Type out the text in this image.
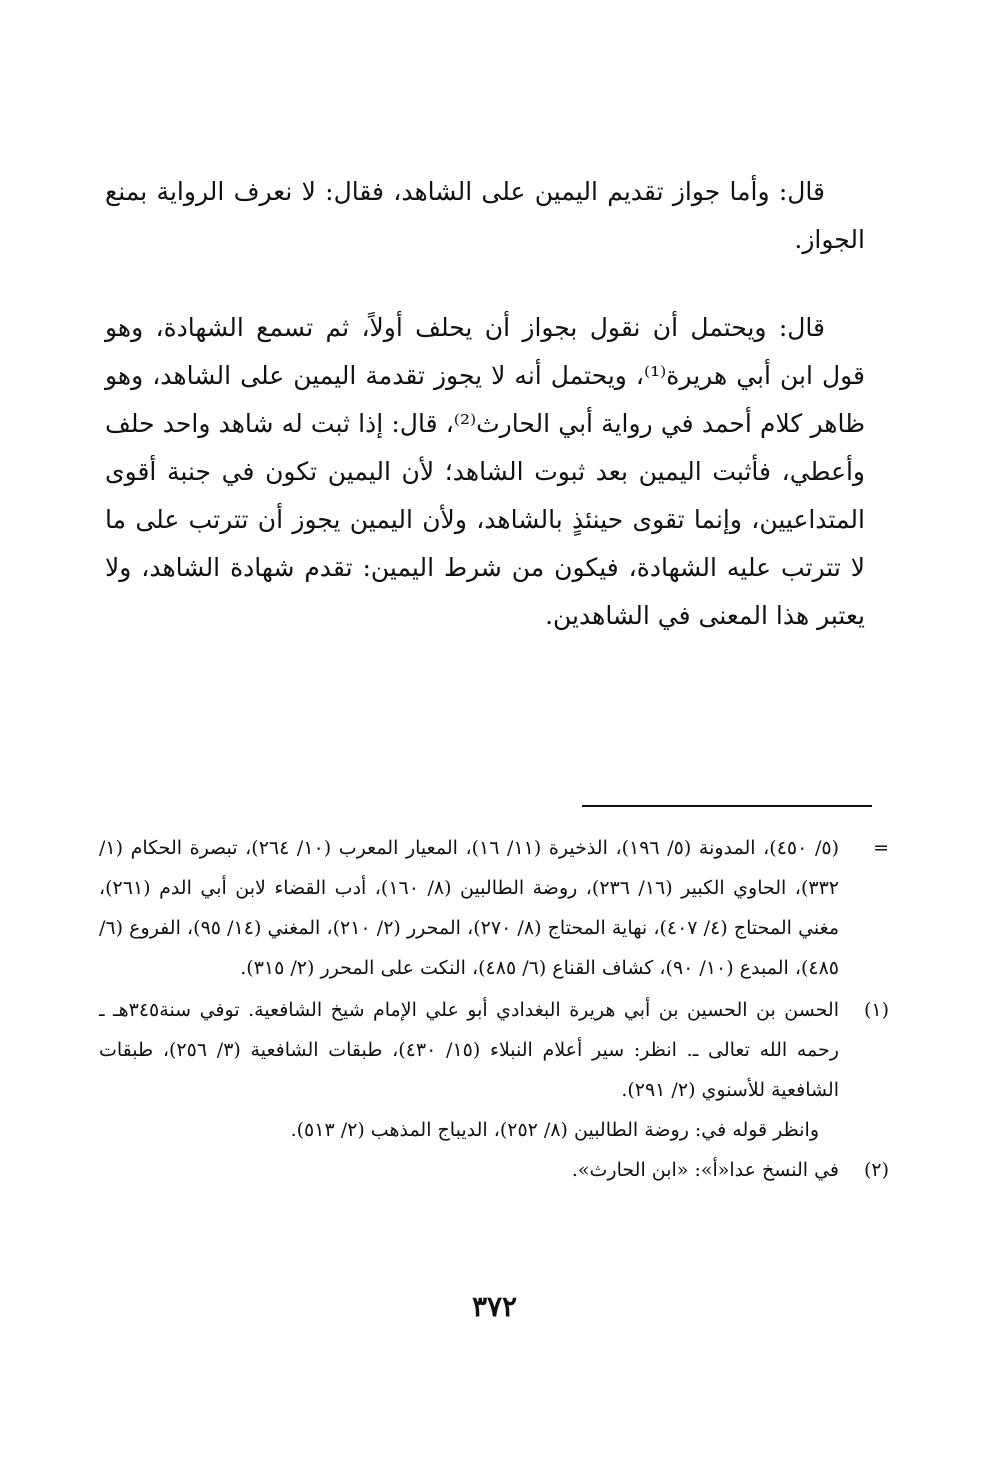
قال: وأما جواز تقديم اليمين على الشاهد، فقال: لا نعرف الرواية بمنع الجواز.

قال: ويحتمل أن نقول بجواز أن يحلف أولاً، ثم تسمع الشهادة، وهو قول ابن أبي هريرة⁽¹⁾، ويحتمل أنه لا يجوز تقدمة اليمين على الشاهد، وهو ظاهر كلام أحمد في رواية أبي الحارث⁽²⁾، قال: إذا ثبت له شاهد واحد حلف وأعطي، فأثبت اليمين بعد ثبوت الشاهد؛ لأن اليمين تكون في جنبة أقوى المتداعيين، وإنما تقوى حينئذٍ بالشاهد، ولأن اليمين يجوز أن تترتب على ما لا تترتب عليه الشهادة، فيكون من شرط اليمين: تقدم شهادة الشاهد، ولا يعتبر هذا المعنى في الشاهدين.

=
(٥/ ٤٥٠)، المدونة (٥/ ١٩٦)، الذخيرة (١١/ ١٦)، المعيار المعرب (١٠/ ٢٦٤)، تبصرة الحكام (١/ ٣٣٢)، الحاوي الكبير (١٦/ ٢٣٦)، روضة الطالبين (٨/ ١٦٠)، أدب القضاء لابن أبي الدم (٢٦١)، مغني المحتاج (٤/ ٤٠٧)، نهاية المحتاج (٨/ ٢٧٠)، المحرر (٢/ ٢١٠)، المغني (١٤/ ٩٥)، الفروع (٦/ ٤٨٥)، المبدع (١٠/ ٩٠)، كشاف القناع (٦/ ٤٨٥)، النكت على المحرر (٢/ ٣١٥).
(١)
الحسن بن الحسين بن أبي هريرة البغدادي أبو علي الإمام شيخ الشافعية. توفي سنة٣٤٥هـ ـ رحمه الله تعالى ـ. انظر: سير أعلام النبلاء (١٥/ ٤٣٠)، طبقات الشافعية (٣/ ٢٥٦)، طبقات الشافعية للأسنوي (٢/ ٢٩١).
وانظر قوله في: روضة الطالبين (٨/ ٢٥٢)، الديباج المذهب (٢/ ٥١٣).
(٢)
في النسخ عدا«أ»: «ابن الحارث».
٣٧٢
